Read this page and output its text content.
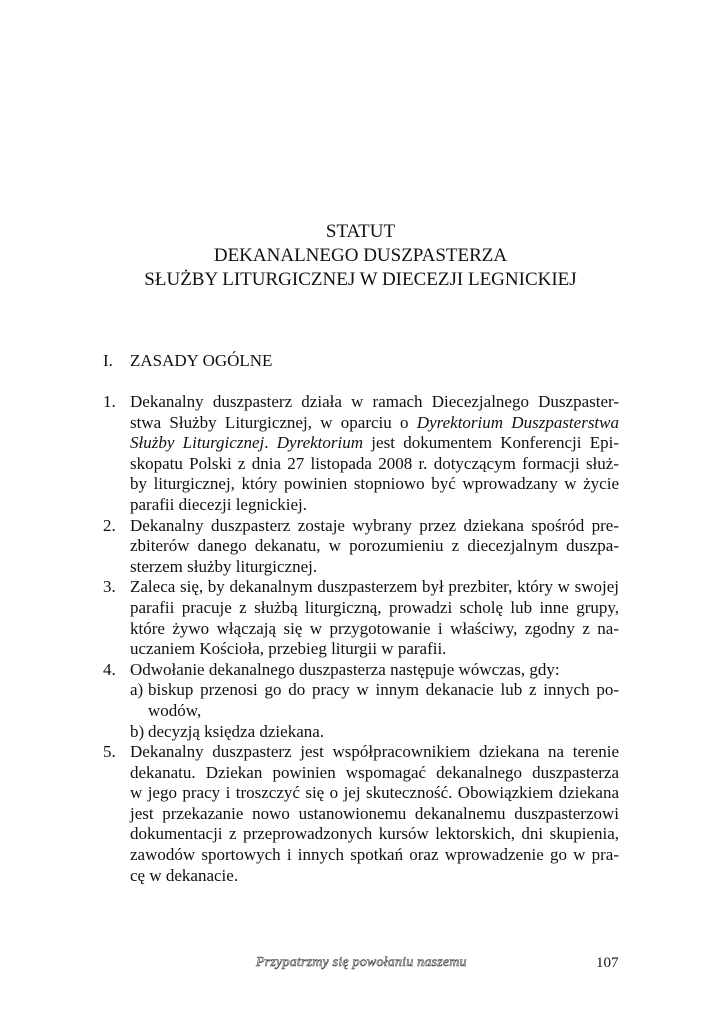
STATUT
DEKANALNEGO DUSZPASTERZA
SŁUŻBY LITURGICZNEJ W DIECEZJI LEGNICKIEJ
I. ZASADY OGÓLNE
1. Dekanalny duszpasterz działa w ramach Diecezjalnego Duszpaster-
stwa Służby Liturgicznej, w oparciu o Dyrektorium Duszpasterstwa
Służby Liturgicznej. Dyrektorium jest dokumentem Konferencji Epi-
skopatu Polski z dnia 27 listopada 2008 r. dotyczącym formacji służ-
by liturgicznej, który powinien stopniowo być wprowadzany w życie
parafii diecezji legnickiej.
2. Dekanalny duszpasterz zostaje wybrany przez dziekana spośród pre-
zbiterów danego dekanatu, w porozumieniu z diecezjalnym duszpa-
sterzem służby liturgicznej.
3. Zaleca się, by dekanalnym duszpasterzem był prezbiter, który w swojej
parafii pracuje z służbą liturgiczną, prowadzi scholę lub inne grupy,
które żywo włączają się w przygotowanie i właściwy, zgodny z na-
uczaniem Kościoła, przebieg liturgii w parafii.
4. Odwołanie dekanalnego duszpasterza następuje wówczas, gdy:
a) biskup przenosi go do pracy w innym dekanacie lub z innych po-
wodów,
b) decyzją księdza dziekana.
5. Dekanalny duszpasterz jest współpracownikiem dziekana na terenie
dekanatu. Dziekan powinien wspomagać dekanalnego duszpasterza
w jego pracy i troszczyć się o jej skuteczność. Obowiązkiem dziekana
jest przekazanie nowo ustanowionemu dekanalnemu duszpasterzowi
dokumentacji z przeprowadzonych kursów lektorskich, dni skupienia,
zawodów sportowych i innych spotkań oraz wprowadzenie go w pra-
cę w dekanacie.
Przypatrzmy się powołaniu naszemu	107
